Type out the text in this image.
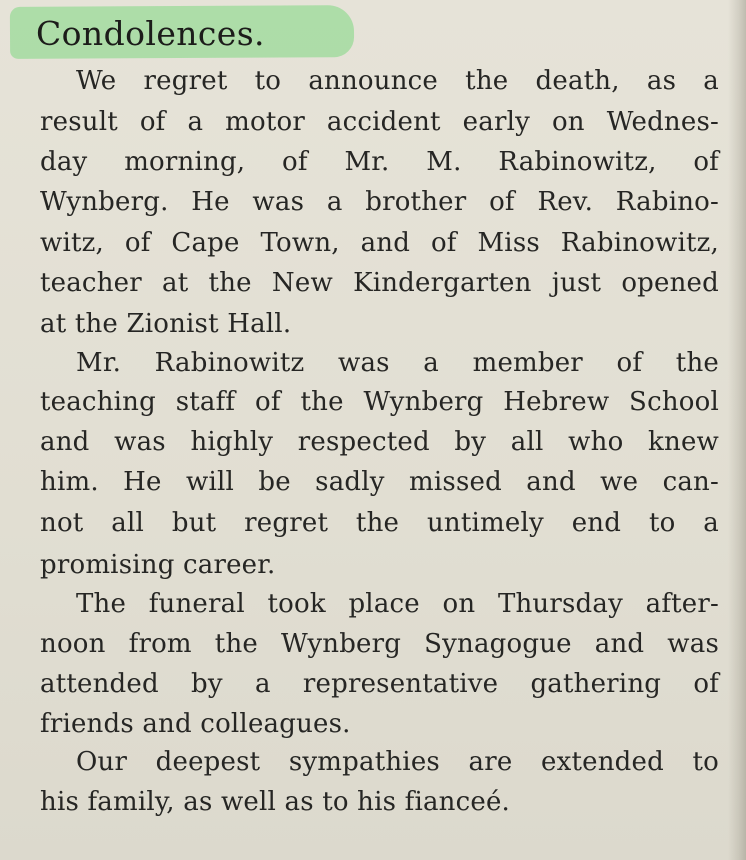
Condolences.
We regret to announce the death, as a
result of a motor accident early on Wednes-
day morning, of Mr. M. Rabinowitz, of
Wynberg. He was a brother of Rev. Rabino-
witz, of Cape Town, and of Miss Rabinowitz,
teacher at the New Kindergarten just opened
at the Zionist Hall.
Mr. Rabinowitz was a member of the
teaching staff of the Wynberg Hebrew School
and was highly respected by all who knew
him. He will be sadly missed and we can-
not all but regret the untimely end to a
promising career.
The funeral took place on Thursday after-
noon from the Wynberg Synagogue and was
attended by a representative gathering of
friends and colleagues.
Our deepest sympathies are extended to
his family, as well as to his fianceé.
